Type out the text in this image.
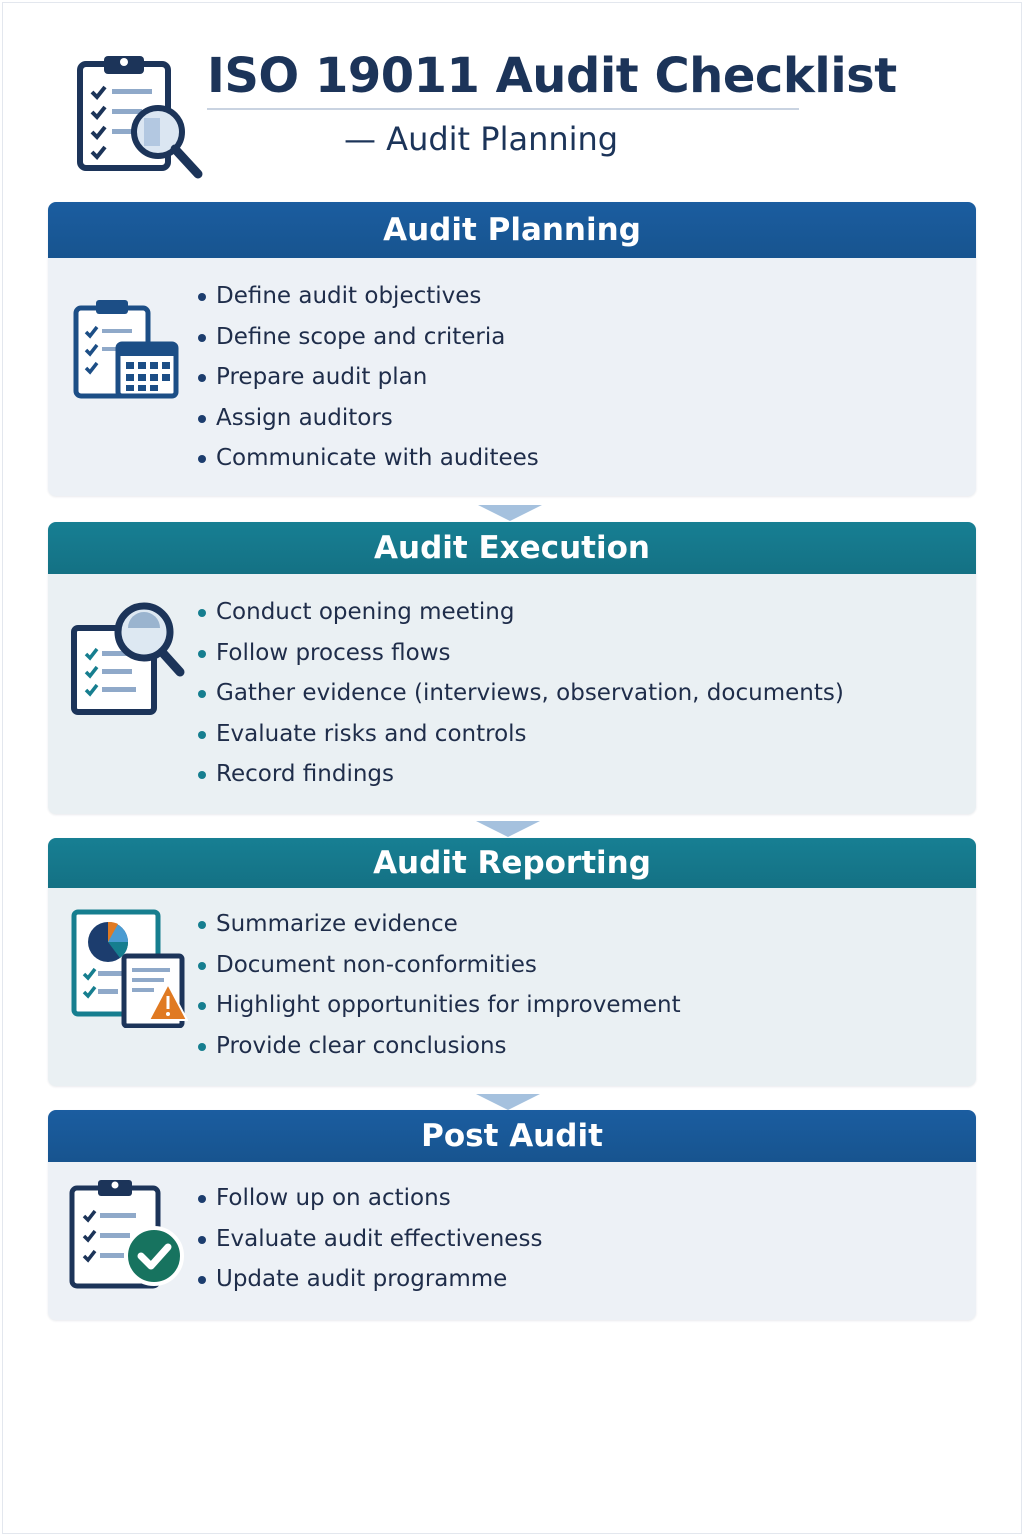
ISO 19011 Audit Checklist
— Audit Planning
Audit Planning
Define audit objectives
Define scope and criteria
Prepare audit plan
Assign auditors
Communicate with auditees
Audit Execution
Conduct opening meeting
Follow process flows
Gather evidence (interviews, observation, documents)
Evaluate risks and controls
Record findings
Audit Reporting
Summarize evidence
Document non-conformities
Highlight opportunities for improvement
Provide clear conclusions
Post Audit
Follow up on actions
Evaluate audit effectiveness
Update audit programme
